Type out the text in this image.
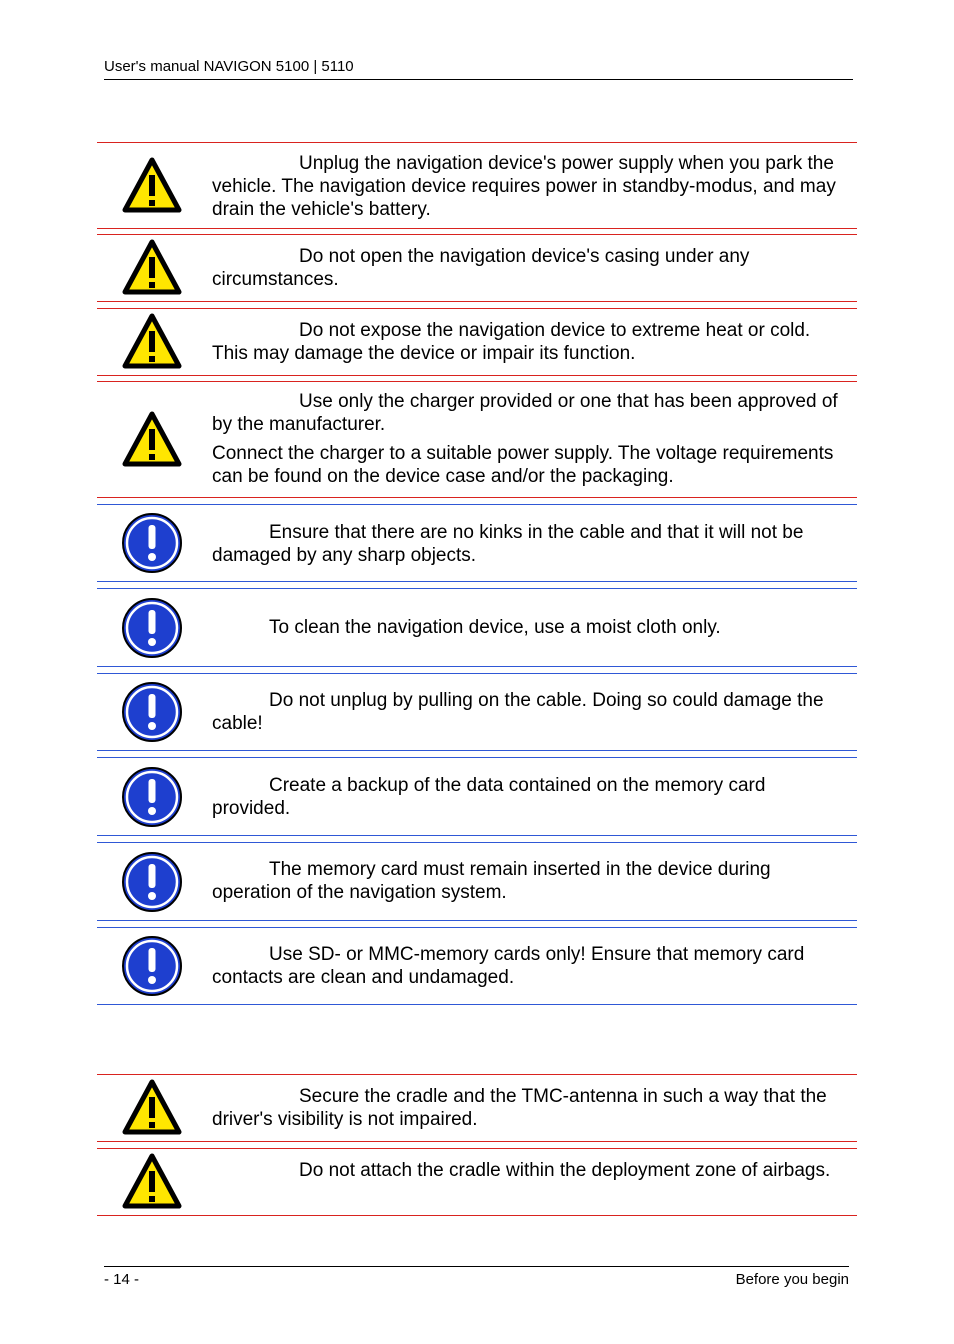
User's manual NAVIGON 5100 | 5110

Unplug the navigation device's power supply when you park the vehicle. The navigation device requires power in standby-modus, and may drain the vehicle's battery.

Do not open the navigation device's casing under any circumstances.

Do not expose the navigation device to extreme heat or cold. This may damage the device or impair its function.

Use only the charger provided or one that has been approved of by the manufacturer.

Connect the charger to a suitable power supply. The voltage requirements can be found on the device case and/or the packaging.

Ensure that there are no kinks in the cable and that it will not be damaged by any sharp objects.

To clean the navigation device, use a moist cloth only.

Do not unplug by pulling on the cable. Doing so could damage the cable!

Create a backup of the data contained on the memory card provided.

The memory card must remain inserted in the device during operation of the navigation system.

Use SD- or MMC-memory cards only! Ensure that memory card contacts are clean and undamaged.

Secure the cradle and the TMC-antenna in such a way that the driver's visibility is not impaired.

Do not attach the cradle within the deployment zone of airbags.

- 14 -	Before you begin
